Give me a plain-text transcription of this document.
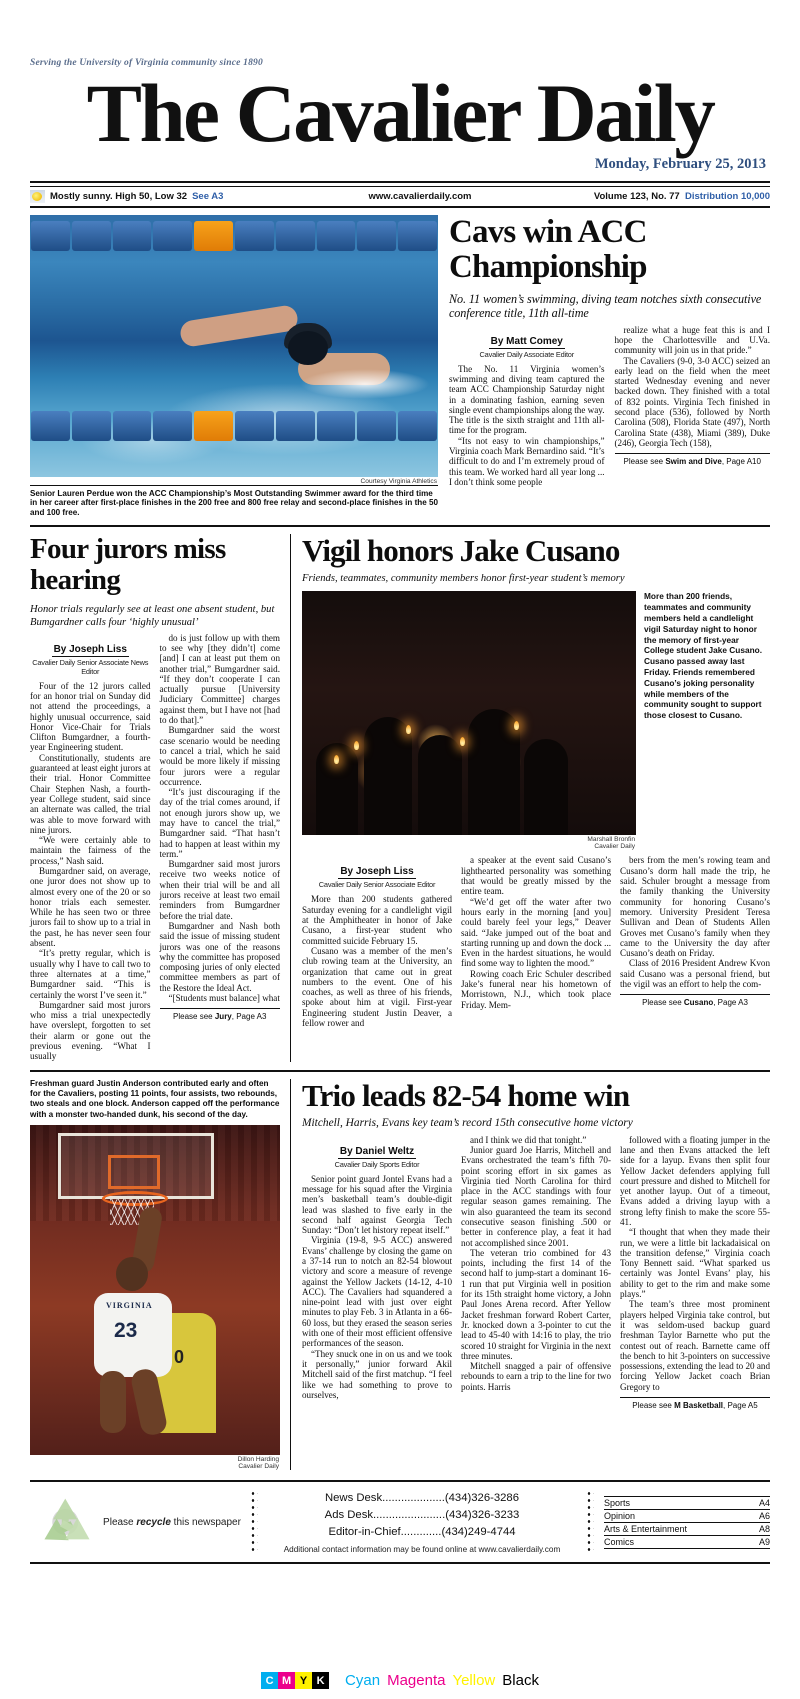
Serving the University of Virginia community since 1890
The Cavalier Daily
Monday, February 25, 2013
Mostly sunny. High 50, Low 32 See A3	www.cavalierdaily.com	Volume 123, No. 77 Distribution 10,000
Courtesy Virginia Athletics
Senior Lauren Perdue won the ACC Championship’s Most Outstanding Swimmer award for the third time in her career after first-place finishes in the 200 free and 800 free relay and second-place finishes in the 50 and 100 free.
Cavs win ACC Championship

No. 11 women’s swimming, diving team notches sixth consecutive conference title, 11th all-time

By Matt Comey
Cavalier Daily Associate Editor

The No. 11 Virginia women’s swimming and diving team captured the team ACC Championship Saturday night in a dominating fashion, earning seven single event championships along the way. The title is the sixth straight and 11th all-time for the program.

“Its not easy to win championships,” Virginia coach Mark Bernardino said. “It’s difficult to do and I’m extremely proud of this team. We worked hard all year long ... I don’t think some people

realize what a huge feat this is and I hope the Charlottesville and U.Va. community will join us in that pride.”

The Cavaliers (9-0, 3-0 ACC) seized an early lead on the field when the meet started Wednesday evening and never backed down. They finished with a total of 832 points. Virginia Tech finished in second place (536), followed by North Carolina (508), Florida State (497), North Carolina State (438), Miami (389), Duke (246), Georgia Tech (158),

Please see Swim and Dive, Page A10
Four jurors miss hearing

Honor trials regularly see at least one absent student, but Bumgardner calls four ‘highly unusual’

By Joseph Liss
Cavalier Daily Senior Associate News Editor

Four of the 12 jurors called for an honor trial on Sunday did not attend the proceedings, a highly unusual occurrence, said Honor Vice-Chair for Trials Clifton Bumgardner, a fourth-year Engineering student.

Constitutionally, students are guaranteed at least eight jurors at their trial. Honor Committee Chair Stephen Nash, a fourth-year College student, said since an alternate was called, the trial was able to move forward with nine jurors.

“We were certainly able to maintain the fairness of the process,” Nash said.

Bumgardner said, on average, one juror does not show up to almost every one of the 20 or so honor trials each semester. While he has seen two or three jurors fail to show up to a trial in the past, he has never seen four absent.

“It’s pretty regular, which is usually why I have to call two to three alternates at a time,” Bumgardner said. “This is certainly the worst I’ve seen it.”

Bumgardner said most jurors who miss a trial unexpectedly have overslept, forgotten to set their alarm or gone out the previous evening. “What I usually

do is just follow up with them to see why [they didn’t] come [and] I can at least put them on another trial,” Bumgardner said. “If they don’t cooperate I can actually pursue [University Judiciary Committee] charges against them, but I have not [had to do that].”

Bumgardner said the worst case scenario would be needing to cancel a trial, which he said would be more likely if missing four jurors were a regular occurrence.

“It’s just discouraging if the day of the trial comes around, if not enough jurors show up, we may have to cancel the trial,” Bumgardner said. “That hasn’t had to happen at least within my term.”

Bumgardner said most jurors receive two weeks notice of when their trial will be and all jurors receive at least two email reminders from Bumgardner before the trial date.

Bumgardner and Nash both said the issue of missing student jurors was one of the reasons why the committee has proposed composing juries of only elected committee members as part of the Restore the Ideal Act.

“[Students must balance] what

Please see Jury, Page A3
Vigil honors Jake Cusano

Friends, teammates, community members honor first-year student’s memory

Marshall Bronfin
Cavalier Daily
More than 200 friends, teammates and community members held a candlelight vigil Saturday night to honor the memory of first-year College student Jake Cusano. Cusano passed away last Friday. Friends remembered Cusano’s joking personality while members of the community sought to support those closest to Cusano.
By Joseph Liss
Cavalier Daily Senior Associate Editor

More than 200 students gathered Saturday evening for a candlelight vigil at the Amphitheater in honor of Jake Cusano, a first-year student who committed suicide February 15.

Cusano was a member of the men’s club rowing team at the University, an organization that came out in great numbers to the event. One of his coaches, as well as three of his friends, spoke about him at vigil. First-year Engineering student Justin Deaver, a fellow rower and

a speaker at the event said Cusano’s lighthearted personality was something that would be greatly missed by the entire team.

“We’d get off the water after two hours early in the morning [and you] could barely feel your legs,” Deaver said. “Jake jumped out of the boat and starting running up and down the dock ... Even in the hardest situations, he would find some way to lighten the mood.”

Rowing coach Eric Schuler described Jake’s funeral near his hometown of Morristown, N.J., which took place Friday. Mem-

bers from the men’s rowing team and Cusano’s dorm hall made the trip, he said. Schuler brought a message from the family thanking the University community for honoring Cusano’s memory. University President Teresa Sullivan and Dean of Students Allen Groves met Cusano’s family when they came to the University the day after Cusano’s death on Friday.

Class of 2016 President Andrew Kvon said Cusano was a personal friend, but the vigil was an effort to help the com-

Please see Cusano, Page A3
Freshman guard Justin Anderson contributed early and often for the Cavaliers, posting 11 points, four assists, two rebounds, two steals and one block. Anderson capped off the performance with a monster two-handed dunk, his second of the day.
0
VIRGINIA
23
Dillon Harding
Cavalier Daily
Trio leads 82-54 home win

Mitchell, Harris, Evans key team’s record 15th consecutive home victory

By Daniel Weltz
Cavalier Daily Sports Editor

Senior point guard Jontel Evans had a message for his squad after the Virginia men’s basketball team’s double-digit lead was slashed to five early in the second half against Georgia Tech Sunday: “Don’t let history repeat itself.”

Virginia (19-8, 9-5 ACC) answered Evans’ challenge by closing the game on a 37-14 run to notch an 82-54 blowout victory and score a measure of revenge against the Yellow Jackets (14-12, 4-10 ACC). The Cavaliers had squandered a nine-point lead with just over eight minutes to play Feb. 3 in Atlanta in a 66-60 loss, but they erased the season series with one of their most efficient offensive performances of the season.

“They snuck one in on us and we took it personally,” junior forward Akil Mitchell said of the first matchup. “I feel like we had something to prove to ourselves,

and I think we did that tonight.”

Junior guard Joe Harris, Mitchell and Evans orchestrated the team’s fifth 70-point scoring effort in six games as Virginia tied North Carolina for third place in the ACC standings with four regular season games remaining. The win also guaranteed the team its second consecutive season finishing .500 or better in conference play, a feat it had not accomplished since 2001.

The veteran trio combined for 43 points, including the first 14 of the second half to jump-start a dominant 16-1 run that put Virginia well in position for its 15th straight home victory, a John Paul Jones Arena record. After Yellow Jacket freshman forward Robert Carter, Jr. knocked down a 3-pointer to cut the lead to 45-40 with 14:16 to play, the trio scored 10 straight for Virginia in the next three minutes.

Mitchell snagged a pair of offensive rebounds to earn a trip to the line for two points. Harris

followed with a floating jumper in the lane and then Evans attacked the left side for a layup. Evans then split four Yellow Jacket defenders applying full court pressure and dished to Mitchell for yet another layup. Out of a timeout, Evans added a driving layup with a strong lefty finish to make the score 55-41.

“I thought that when they made their run, we were a little bit lackadaisical on the transition defense,” Virginia coach Tony Bennett said. “What sparked us certainly was Jontel Evans’ play, his ability to get to the rim and make some plays.”

The team’s three most prominent players helped Virginia take control, but it was seldom-used backup guard freshman Taylor Barnette who put the contest out of reach. Barnette came off the bench to hit 3-pointers on successive possessions, extending the lead to 20 and forcing Yellow Jacket coach Brian Gregory to

Please see M Basketball, Page A5
Please recycle this newspaper
News Desk....................(434)326-3286
Ads Desk.......................(434)326-3233
Editor-in-Chief.............(434)249-4744
Additional contact information may be found online at www.cavalierdaily.com
Sports	A4
Opinion	A6
Arts & Entertainment	A8
Comics	A9
C M Y K	Cyan Magenta Yellow Black
